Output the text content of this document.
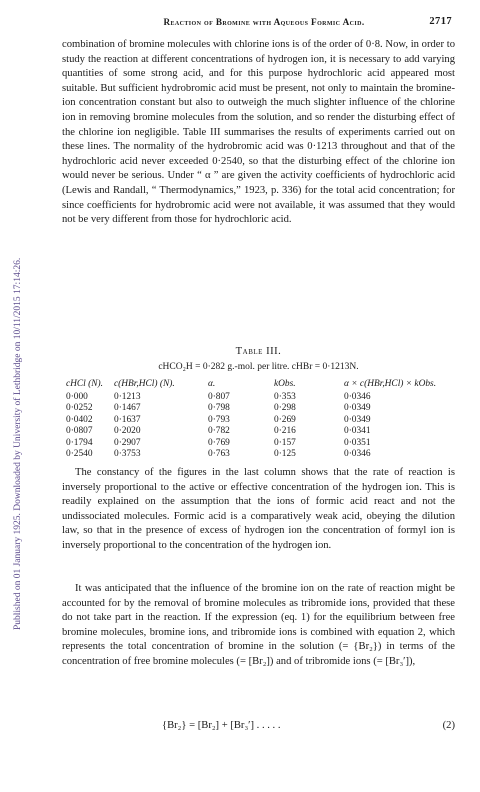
Published on 01 January 1925. Downloaded by University of Lethbridge on 10/11/2015 17:14:26.
Reaction of Bromine with Aqueous Formic Acid.	2717
combination of bromine molecules with chlorine ions is of the order of 0·8. Now, in order to study the reaction at different concentrations of hydrogen ion, it is necessary to add varying quantities of some strong acid, and for this purpose hydrochloric acid appeared most suitable. But sufficient hydrobromic acid must be present, not only to maintain the bromine-ion concentration constant but also to outweigh the much slighter influence of the chlorine ion in removing bromine molecules from the solution, and so render the disturbing effect of the chlorine ion negligible. Table III summarises the results of experiments carried out on these lines. The normality of the hydrobromic acid was 0·1213 throughout and that of the hydrochloric acid never exceeded 0·2540, so that the disturbing effect of the chlorine ion would never be serious. Under “ α ” are given the activity coefficients of hydrochloric acid (Lewis and Randall, “ Thermodynamics,” 1923, p. 336) for the total acid concentration; for since coefficients for hydrobromic acid were not available, it was assumed that they would not be very different from those for hydrochloric acid.
Table III.
cHCO₂H = 0·282 g.-mol. per litre. cHBr = 0·1213N.
cHCl (N).	c(HBr,HCl) (N).	α.	kObs.	α × c(HBr,HCl) × kObs.
0·000	0·1213	0·807	0·353	0·0346
0·0252	0·1467	0·798	0·298	0·0349
0·0402	0·1637	0·793	0·269	0·0349
0·0807	0·2020	0·782	0·216	0·0341
0·1794	0·2907	0·769	0·157	0·0351
0·2540	0·3753	0·763	0·125	0·0346
The constancy of the figures in the last column shows that the rate of reaction is inversely proportional to the active or effective concentration of the hydrogen ion. This is readily explained on the assumption that the ions of formic acid react and not the undissociated molecules. Formic acid is a comparatively weak acid, obeying the dilution law, so that in the presence of excess of hydrogen ion the concentration of formyl ion is inversely proportional to the concentration of the hydrogen ion.
It was anticipated that the influence of the bromine ion on the rate of reaction might be accounted for by the removal of bromine molecules as tribromide ions, provided that these do not take part in the reaction. If the expression (eq. 1) for the equilibrium between free bromine molecules, bromine ions, and tribromide ions is combined with equation 2, which represents the total concentration of bromine in the solution (= {Br₂}) in terms of the concentration of free bromine molecules (= [Br₂]) and of tribromide ions (= [Br₃′]),
{Br₂} = [Br₂] + [Br₃′] . . . . .	(2)
